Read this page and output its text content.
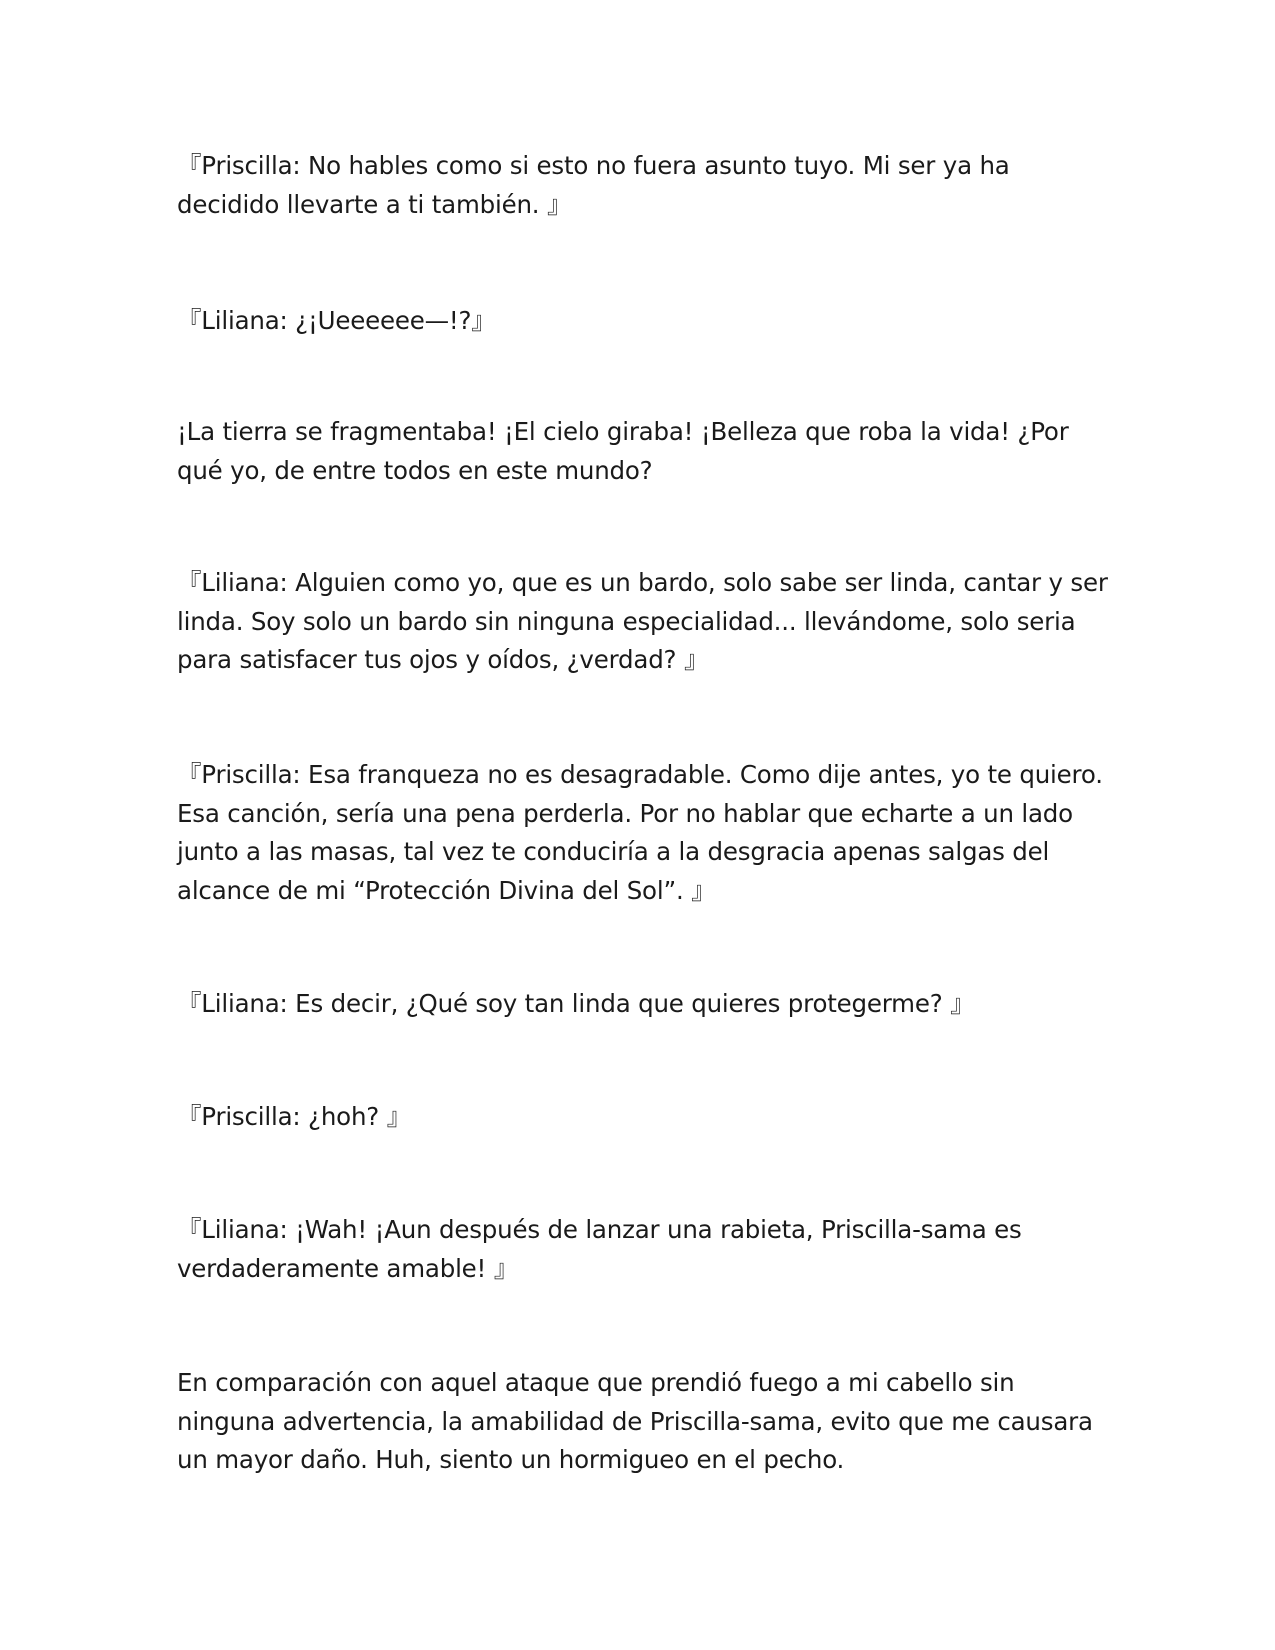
『Priscilla: No hables como si esto no fuera asunto tuyo. Mi ser ya ha decidido llevarte a ti también. 』

『Liliana: ¿¡Ueeeeee—!?』

¡La tierra se fragmentaba! ¡El cielo giraba! ¡Belleza que roba la vida! ¿Por qué yo, de entre todos en este mundo?

『Liliana: Alguien como yo, que es un bardo, solo sabe ser linda, cantar y ser linda. Soy solo un bardo sin ninguna especialidad... llevándome, solo seria para satisfacer tus ojos y oídos, ¿verdad? 』

『Priscilla: Esa franqueza no es desagradable. Como dije antes, yo te quiero. Esa canción, sería una pena perderla. Por no hablar que echarte a un lado junto a las masas, tal vez te conduciría a la desgracia apenas salgas del alcance de mi “Protección Divina del Sol”. 』

『Liliana: Es decir, ¿Qué soy tan linda que quieres protegerme? 』

『Priscilla: ¿hoh? 』

『Liliana: ¡Wah! ¡Aun después de lanzar una rabieta, Priscilla-sama es verdaderamente amable! 』

En comparación con aquel ataque que prendió fuego a mi cabello sin ninguna advertencia, la amabilidad de Priscilla-sama, evito que me causara un mayor daño. Huh, siento un hormigueo en el pecho.
